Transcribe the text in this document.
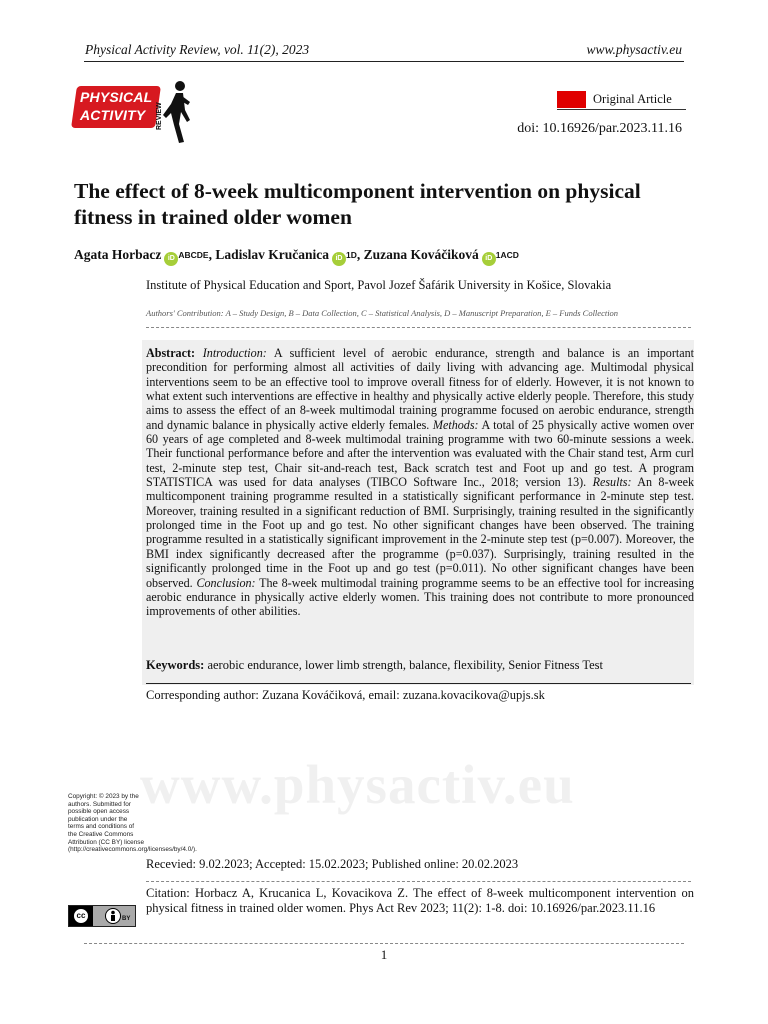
Physical Activity Review, vol. 11(2), 2023	www.physactiv.eu
PHYSICAL
ACTIVITY REVIEW
Original Article
doi: 10.16926/par.2023.11.16
The effect of 8-week multicomponent intervention on physical fitness in trained older women
Agata Horbacz iD ABCDE, Ladislav Kručanica iD 1D, Zuzana Kováčiková iD 1ACD
Institute of Physical Education and Sport, Pavol Jozef Šafárik University in Košice, Slovakia
Authors' Contribution: A – Study Design, B – Data Collection, C – Statistical Analysis, D – Manuscript Preparation, E – Funds Collection
Abstract: Introduction: A sufficient level of aerobic endurance, strength and balance is an important precondition for performing almost all activities of daily living with advancing age. Multimodal physical interventions seem to be an effective tool to improve overall fitness for of elderly. However, it is not known to what extent such interventions are effective in healthy and physically active elderly people. Therefore, this study aims to assess the effect of an 8-week multimodal training programme focused on aerobic endurance, strength and dynamic balance in physically active elderly females. Methods: A total of 25 physically active women over 60 years of age completed and 8-week multimodal training programme with two 60-minute sessions a week. Their functional performance before and after the intervention was evaluated with the Chair stand test, Arm curl test, 2-minute step test, Chair sit-and-reach test, Back scratch test and Foot up and go test. A program STATISTICA was used for data analyses (TIBCO Software Inc., 2018; version 13). Results: An 8-week multicomponent training programme resulted in a statistically significant performance in 2-minute step test. Moreover, training resulted in a significant reduction of BMI. Surprisingly, training resulted in the significantly prolonged time in the Foot up and go test. No other significant changes have been observed. The training programme resulted in a statistically significant improvement in the 2-minute step test (p=0.007). Moreover, the BMI index significantly decreased after the programme (p=0.037). Surprisingly, training resulted in the significantly prolonged time in the Foot up and go test (p=0.011). No other significant changes have been observed. Conclusion: The 8-week multimodal training programme seems to be an effective tool for increasing aerobic endurance in physically active elderly women. This training does not contribute to more pronounced improvements of other abilities.
Keywords: aerobic endurance, lower limb strength, balance, flexibility, Senior Fitness Test
Corresponding author: Zuzana Kováčiková, email: zuzana.kovacikova@upjs.sk
www.physactiv.eu
Copyright: © 2023 by the authors. Submitted for possible open access publication under the terms and conditions of the Creative Commons Attribution (CC BY) license (http://creativecommons.org/licenses/by/4.0/).
cc	BY
Recevied: 9.02.2023; Accepted: 15.02.2023; Published online: 20.02.2023
Citation: Horbacz A, Krucanica L, Kovacikova Z. The effect of 8-week multicomponent intervention on physical fitness in trained older women. Phys Act Rev 2023; 11(2): 1-8. doi: 10.16926/par.2023.11.16
1
